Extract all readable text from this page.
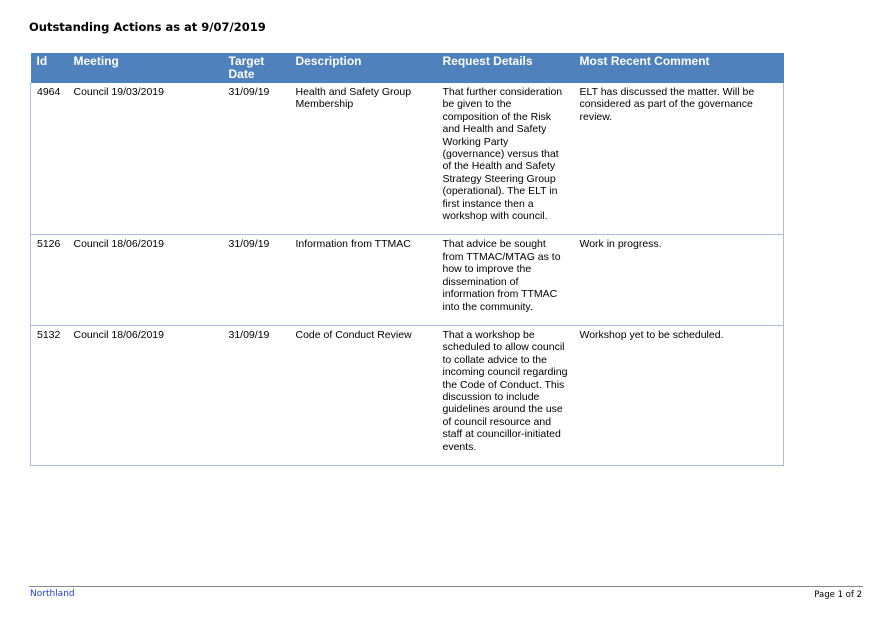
Outstanding Actions as at 9/07/2019
Id	Meeting	Target Date	Description	Request Details	Most Recent Comment
4964	Council 19/03/2019	31/09/19	Health and Safety Group Membership	That further consideration be given to the composition of the Risk and Health and Safety Working Party (governance) versus that of the Health and Safety Strategy Steering Group (operational). The ELT in first instance then a workshop with council.	ELT has discussed the matter. Will be considered as part of the governance review.
5126	Council 18/06/2019	31/09/19	Information from TTMAC	That advice be sought from TTMAC/MTAG as to how to improve the dissemination of information from TTMAC into the community.	Work in progress.
5132	Council 18/06/2019	31/09/19	Code of Conduct Review	That a workshop be scheduled to allow council to collate advice to the incoming council regarding the Code of Conduct. This discussion to include guidelines around the use of council resource and staff at councillor-initiated events.	Workshop yet to be scheduled.
Northland	Page 1 of 2
